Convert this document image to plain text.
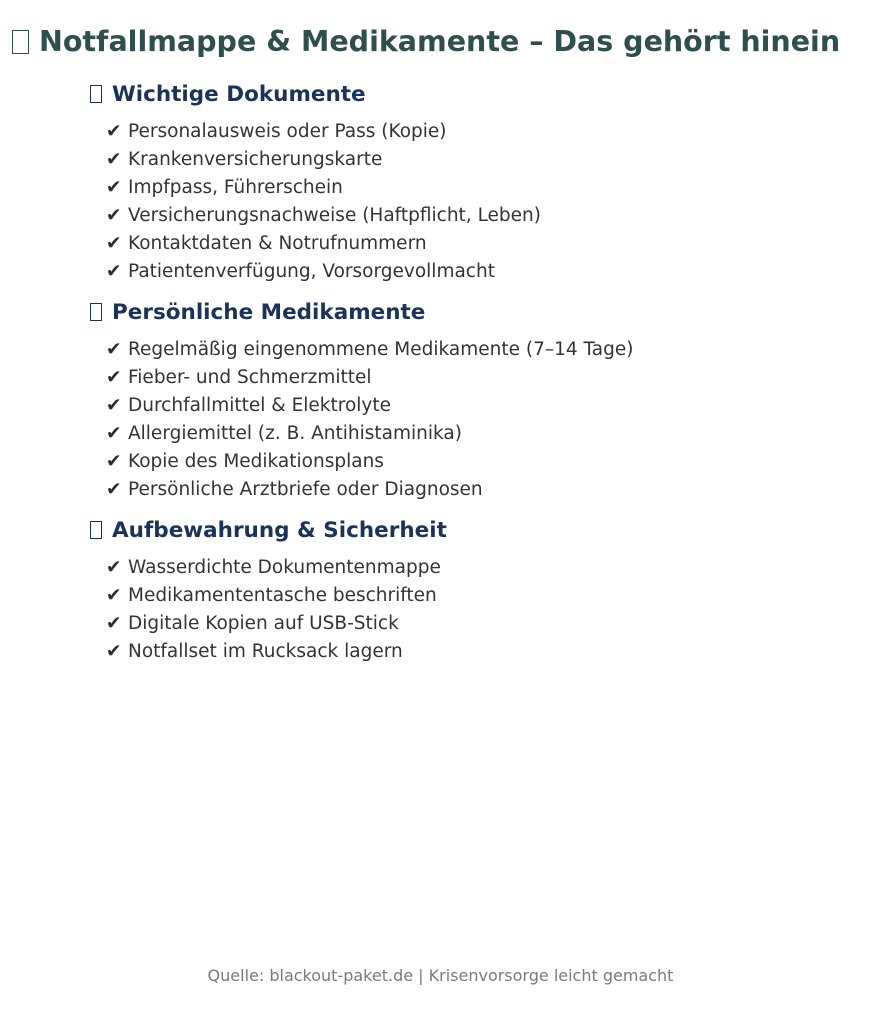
Notfallmappe & Medikamente – Das gehört hinein
Wichtige Dokumente
✔ Personalausweis oder Pass (Kopie)
✔ Krankenversicherungskarte
✔ Impfpass, Führerschein
✔ Versicherungsnachweise (Haftpflicht, Leben)
✔ Kontaktdaten & Notrufnummern
✔ Patientenverfügung, Vorsorgevollmacht
Persönliche Medikamente
✔ Regelmäßig eingenommene Medikamente (7–14 Tage)
✔ Fieber- und Schmerzmittel
✔ Durchfallmittel & Elektrolyte
✔ Allergiemittel (z. B. Antihistaminika)
✔ Kopie des Medikationsplans
✔ Persönliche Arztbriefe oder Diagnosen
Aufbewahrung & Sicherheit
✔ Wasserdichte Dokumentenmappe
✔ Medikamententasche beschriften
✔ Digitale Kopien auf USB-Stick
✔ Notfallset im Rucksack lagern
Quelle: blackout-paket.de | Krisenvorsorge leicht gemacht
